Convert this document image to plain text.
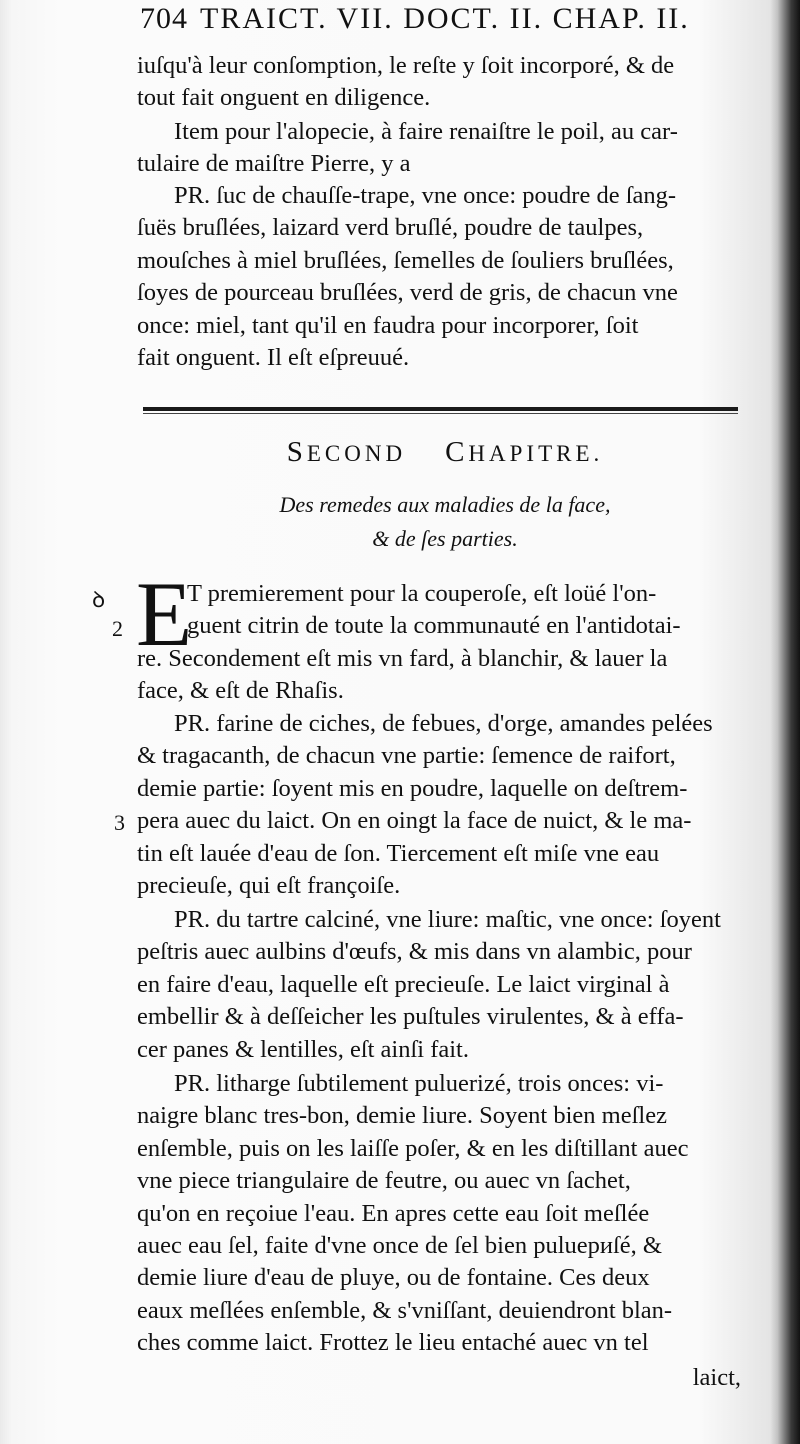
704 TRAICT. VII. DOCT. II. CHAP. II.

iuſqu'à leur conſomption, le reſte y ſoit incorporé, & de

tout fait onguent en diligence.

Item pour l'alopecie, à faire renaiſtre le poil, au car-

tulaire de maiſtre Pierre, y a

PR. ſuc de chauſſe-trape, vne once: poudre de ſang-

ſuës bruſlées, laizard verd bruſlé, poudre de taulpes,

mouſches à miel bruſlées, ſemelles de ſouliers bruſlées,

ſoyes de pourceau bruſlées, verd de gris, de chacun vne

once: miel, tant qu'il en faudra pour incorporer, ſoit

fait onguent. Il eſt eſpreuué.

SECOND CHAPITRE.
Des remedes aux maladies de la face,
& de ſes parties.
ꝺ
2
3
E

T premierement pour la couperoſe, eſt loüé l'on-

guent citrin de toute la communauté en l'antidotai-

re. Secondement eſt mis vn fard, à blanchir, & lauer la

face, & eſt de Rhaſis.

PR. farine de ciches, de febues, d'orge, amandes pelées

& tragacanth, de chacun vne partie: ſemence de raifort,

demie partie: ſoyent mis en poudre, laquelle on deſtrem-

pera auec du laict. On en oingt la face de nuict, & le ma-

tin eſt lauée d'eau de ſon. Tiercement eſt miſe vne eau

precieuſe, qui eſt françoiſe.

PR. du tartre calciné, vne liure: maſtic, vne once: ſoyent

peſtris auec aulbins d'œufs, & mis dans vn alambic, pour

en faire d'eau, laquelle eſt precieuſe. Le laict virginal à

embellir & à deſſeicher les puſtules virulentes, & à effa-

cer panes & lentilles, eſt ainſi fait.

PR. litharge ſubtilement puluerizé, trois onces: vi-

naigre blanc tres-bon, demie liure. Soyent bien meſlez

enſemble, puis on les laiſſe poſer, & en les diſtillant auec

vne piece triangulaire de feutre, ou auec vn ſachet,

qu'on en reçoiue l'eau. En apres cette eau ſoit meſlée

auec eau ſel, faite d'vne once de ſel bien puluериſé, &

demie liure d'eau de pluye, ou de fontaine. Ces deux

eaux meſlées enſemble, & s'vniſſant, deuiendront blan-

ches comme laict. Frottez le lieu entaché auec vn tel

laict,
